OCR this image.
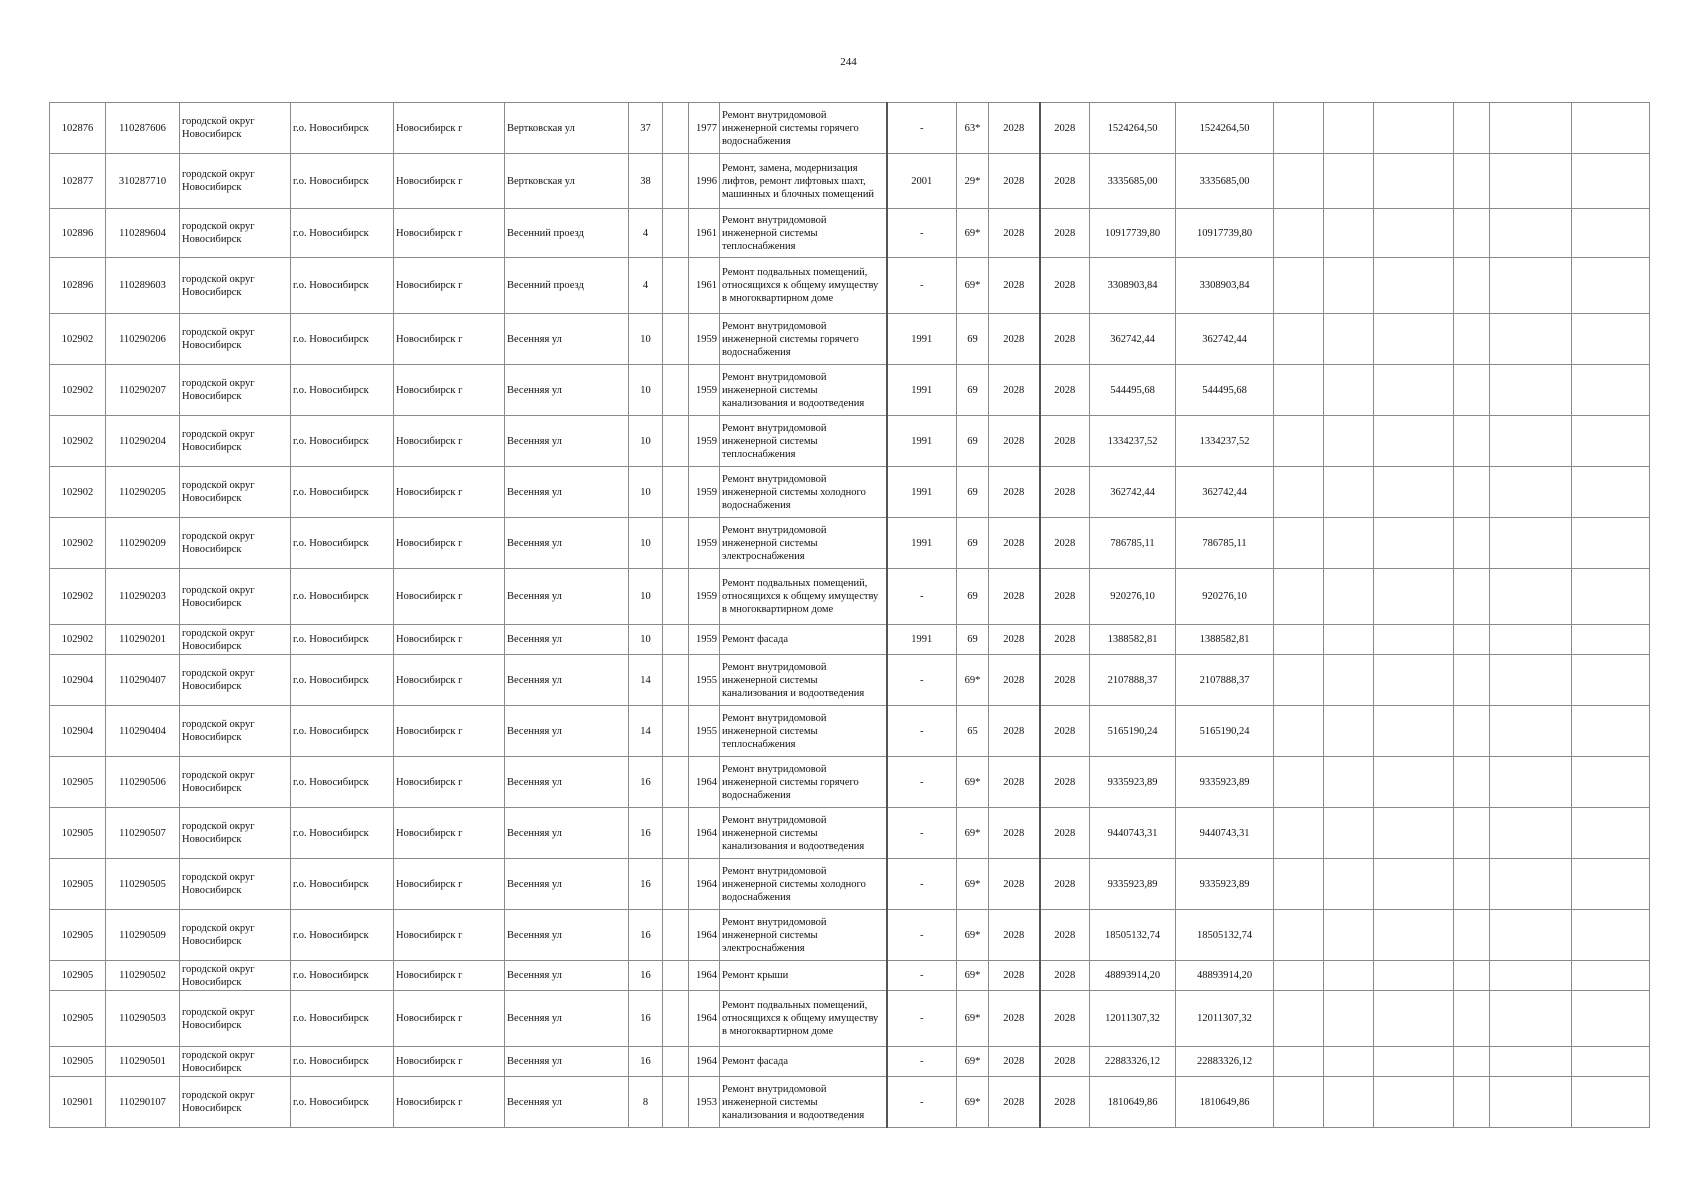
244
102876	110287606	городской округ Новосибирск	г.о. Новосибирск	Новосибирск г	Вертковская ул	37		1977	Ремонт внутридомовой инженерной системы горячего водоснабжения	-	63*	2028	2028	1524264,50	1524264,50						
102877	310287710	городской округ Новосибирск	г.о. Новосибирск	Новосибирск г	Вертковская ул	38		1996	Ремонт, замена, модернизация лифтов, ремонт лифтовых шахт, машинных и блочных помещений	2001	29*	2028	2028	3335685,00	3335685,00						
102896	110289604	городской округ Новосибирск	г.о. Новосибирск	Новосибирск г	Весенний проезд	4		1961	Ремонт внутридомовой инженерной системы теплоснабжения	-	69*	2028	2028	10917739,80	10917739,80						
102896	110289603	городской округ Новосибирск	г.о. Новосибирск	Новосибирск г	Весенний проезд	4		1961	Ремонт подвальных помещений, относящихся к общему имуществу в многоквартирном доме	-	69*	2028	2028	3308903,84	3308903,84						
102902	110290206	городской округ Новосибирск	г.о. Новосибирск	Новосибирск г	Весенняя ул	10		1959	Ремонт внутридомовой инженерной системы горячего водоснабжения	1991	69	2028	2028	362742,44	362742,44						
102902	110290207	городской округ Новосибирск	г.о. Новосибирск	Новосибирск г	Весенняя ул	10		1959	Ремонт внутридомовой инженерной системы канализования и водоотведения	1991	69	2028	2028	544495,68	544495,68						
102902	110290204	городской округ Новосибирск	г.о. Новосибирск	Новосибирск г	Весенняя ул	10		1959	Ремонт внутридомовой инженерной системы теплоснабжения	1991	69	2028	2028	1334237,52	1334237,52						
102902	110290205	городской округ Новосибирск	г.о. Новосибирск	Новосибирск г	Весенняя ул	10		1959	Ремонт внутридомовой инженерной системы холодного водоснабжения	1991	69	2028	2028	362742,44	362742,44						
102902	110290209	городской округ Новосибирск	г.о. Новосибирск	Новосибирск г	Весенняя ул	10		1959	Ремонт внутридомовой инженерной системы электроснабжения	1991	69	2028	2028	786785,11	786785,11						
102902	110290203	городской округ Новосибирск	г.о. Новосибирск	Новосибирск г	Весенняя ул	10		1959	Ремонт подвальных помещений, относящихся к общему имуществу в многоквартирном доме	-	69	2028	2028	920276,10	920276,10						
102902	110290201	городской округ Новосибирск	г.о. Новосибирск	Новосибирск г	Весенняя ул	10		1959	Ремонт фасада	1991	69	2028	2028	1388582,81	1388582,81						
102904	110290407	городской округ Новосибирск	г.о. Новосибирск	Новосибирск г	Весенняя ул	14		1955	Ремонт внутридомовой инженерной системы канализования и водоотведения	-	69*	2028	2028	2107888,37	2107888,37						
102904	110290404	городской округ Новосибирск	г.о. Новосибирск	Новосибирск г	Весенняя ул	14		1955	Ремонт внутридомовой инженерной системы теплоснабжения	-	65	2028	2028	5165190,24	5165190,24						
102905	110290506	городской округ Новосибирск	г.о. Новосибирск	Новосибирск г	Весенняя ул	16		1964	Ремонт внутридомовой инженерной системы горячего водоснабжения	-	69*	2028	2028	9335923,89	9335923,89						
102905	110290507	городской округ Новосибирск	г.о. Новосибирск	Новосибирск г	Весенняя ул	16		1964	Ремонт внутридомовой инженерной системы канализования и водоотведения	-	69*	2028	2028	9440743,31	9440743,31						
102905	110290505	городской округ Новосибирск	г.о. Новосибирск	Новосибирск г	Весенняя ул	16		1964	Ремонт внутридомовой инженерной системы холодного водоснабжения	-	69*	2028	2028	9335923,89	9335923,89						
102905	110290509	городской округ Новосибирск	г.о. Новосибирск	Новосибирск г	Весенняя ул	16		1964	Ремонт внутридомовой инженерной системы электроснабжения	-	69*	2028	2028	18505132,74	18505132,74						
102905	110290502	городской округ Новосибирск	г.о. Новосибирск	Новосибирск г	Весенняя ул	16		1964	Ремонт крыши	-	69*	2028	2028	48893914,20	48893914,20						
102905	110290503	городской округ Новосибирск	г.о. Новосибирск	Новосибирск г	Весенняя ул	16		1964	Ремонт подвальных помещений, относящихся к общему имуществу в многоквартирном доме	-	69*	2028	2028	12011307,32	12011307,32						
102905	110290501	городской округ Новосибирск	г.о. Новосибирск	Новосибирск г	Весенняя ул	16		1964	Ремонт фасада	-	69*	2028	2028	22883326,12	22883326,12						
102901	110290107	городской округ Новосибирск	г.о. Новосибирск	Новосибирск г	Весенняя ул	8		1953	Ремонт внутридомовой инженерной системы канализования и водоотведения	-	69*	2028	2028	1810649,86	1810649,86						
